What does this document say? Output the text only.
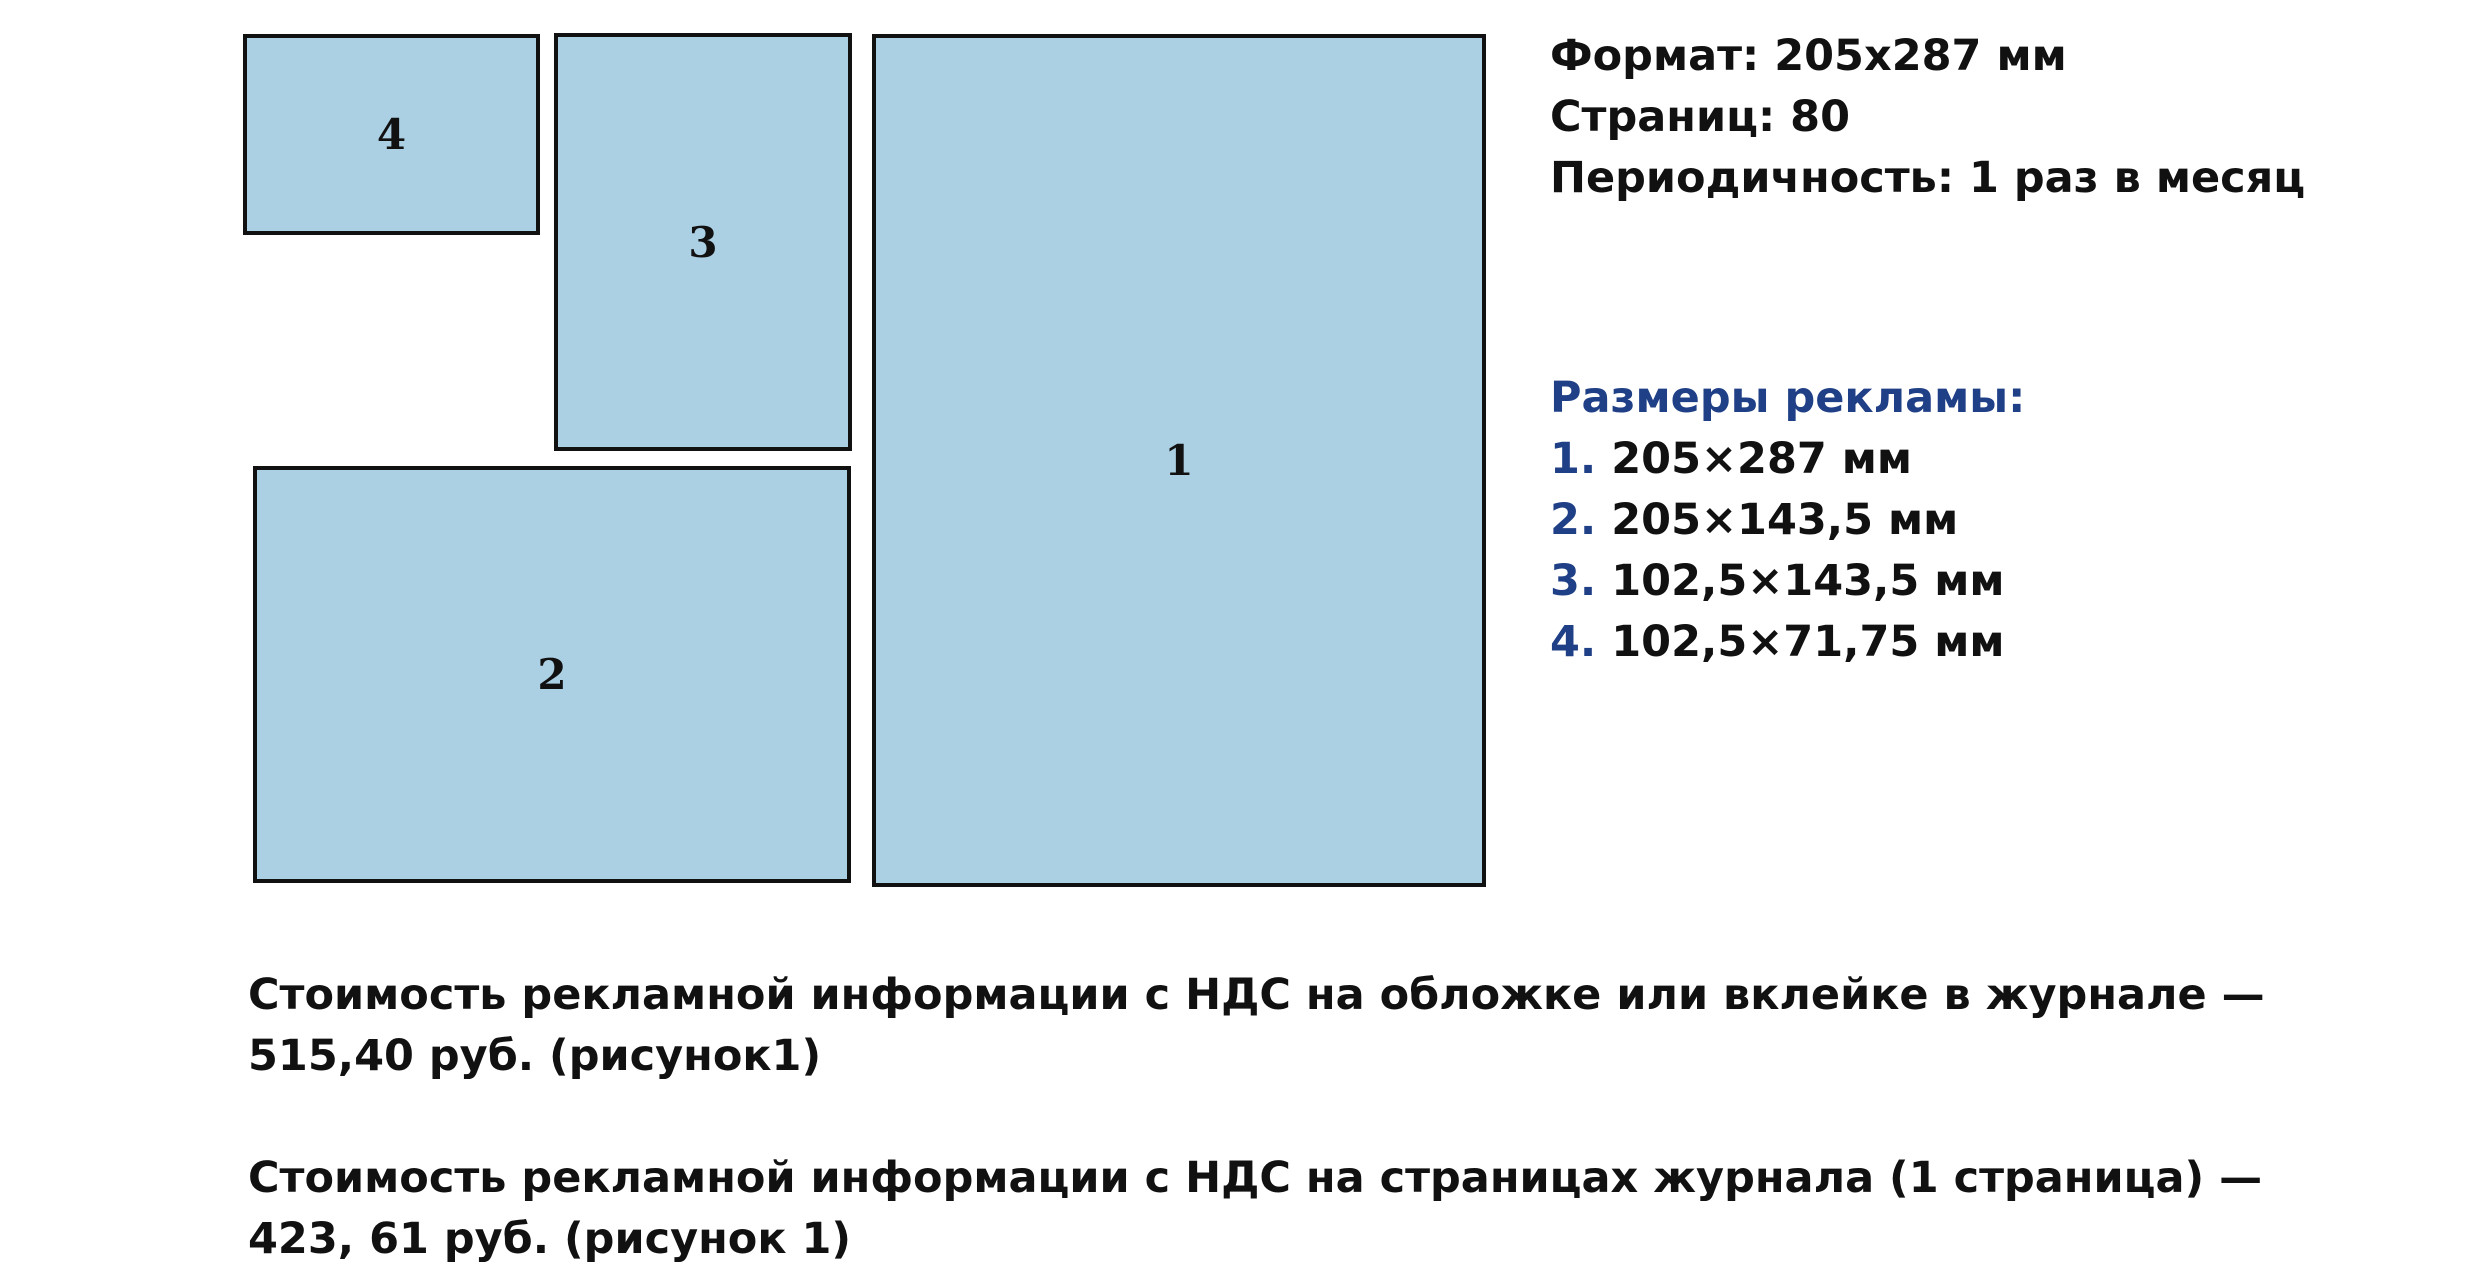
4
3
2
1
Формат: 205х287 мм
Страниц: 80
Периодичность: 1 раз в месяц
Размеры рекламы:
1. 205×287 мм
2. 205×143,5 мм
3. 102,5×143,5 мм
4. 102,5×71,75 мм
Стоимость рекламной информации с НДС на обложке или вклейке в журнале —
515,40 руб. (рисунок1)
Стоимость рекламной информации с НДС на страницах журнала (1 страница) —
423, 61 руб. (рисунок 1)
